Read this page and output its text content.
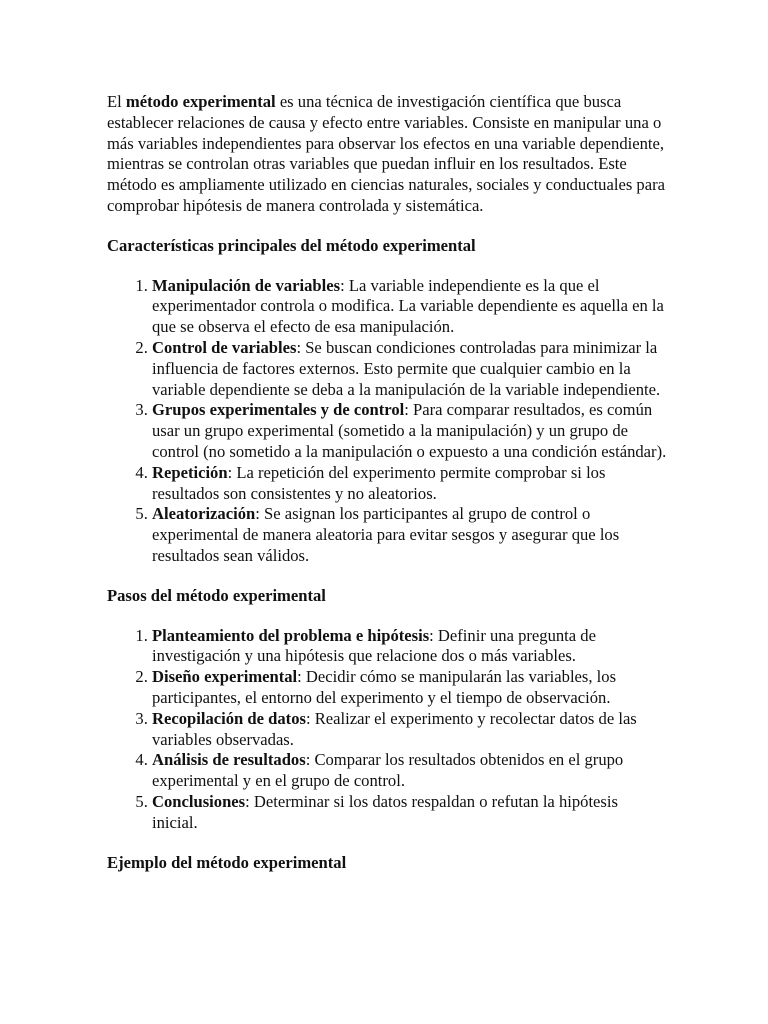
El método experimental es una técnica de investigación científica que busca establecer relaciones de causa y efecto entre variables. Consiste en manipular una o más variables independientes para observar los efectos en una variable dependiente, mientras se controlan otras variables que puedan influir en los resultados. Este método es ampliamente utilizado en ciencias naturales, sociales y conductuales para comprobar hipótesis de manera controlada y sistemática.

Características principales del método experimental

1. Manipulación de variables: La variable independiente es la que el experimentador controla o modifica. La variable dependiente es aquella en la que se observa el efecto de esa manipulación.
2. Control de variables: Se buscan condiciones controladas para minimizar la influencia de factores externos. Esto permite que cualquier cambio en la variable dependiente se deba a la manipulación de la variable independiente.
3. Grupos experimentales y de control: Para comparar resultados, es común usar un grupo experimental (sometido a la manipulación) y un grupo de control (no sometido a la manipulación o expuesto a una condición estándar).
4. Repetición: La repetición del experimento permite comprobar si los resultados son consistentes y no aleatorios.
5. Aleatorización: Se asignan los participantes al grupo de control o experimental de manera aleatoria para evitar sesgos y asegurar que los resultados sean válidos.

Pasos del método experimental

1. Planteamiento del problema e hipótesis: Definir una pregunta de investigación y una hipótesis que relacione dos o más variables.
2. Diseño experimental: Decidir cómo se manipularán las variables, los participantes, el entorno del experimento y el tiempo de observación.
3. Recopilación de datos: Realizar el experimento y recolectar datos de las variables observadas.
4. Análisis de resultados: Comparar los resultados obtenidos en el grupo experimental y en el grupo de control.
5. Conclusiones: Determinar si los datos respaldan o refutan la hipótesis inicial.

Ejemplo del método experimental
